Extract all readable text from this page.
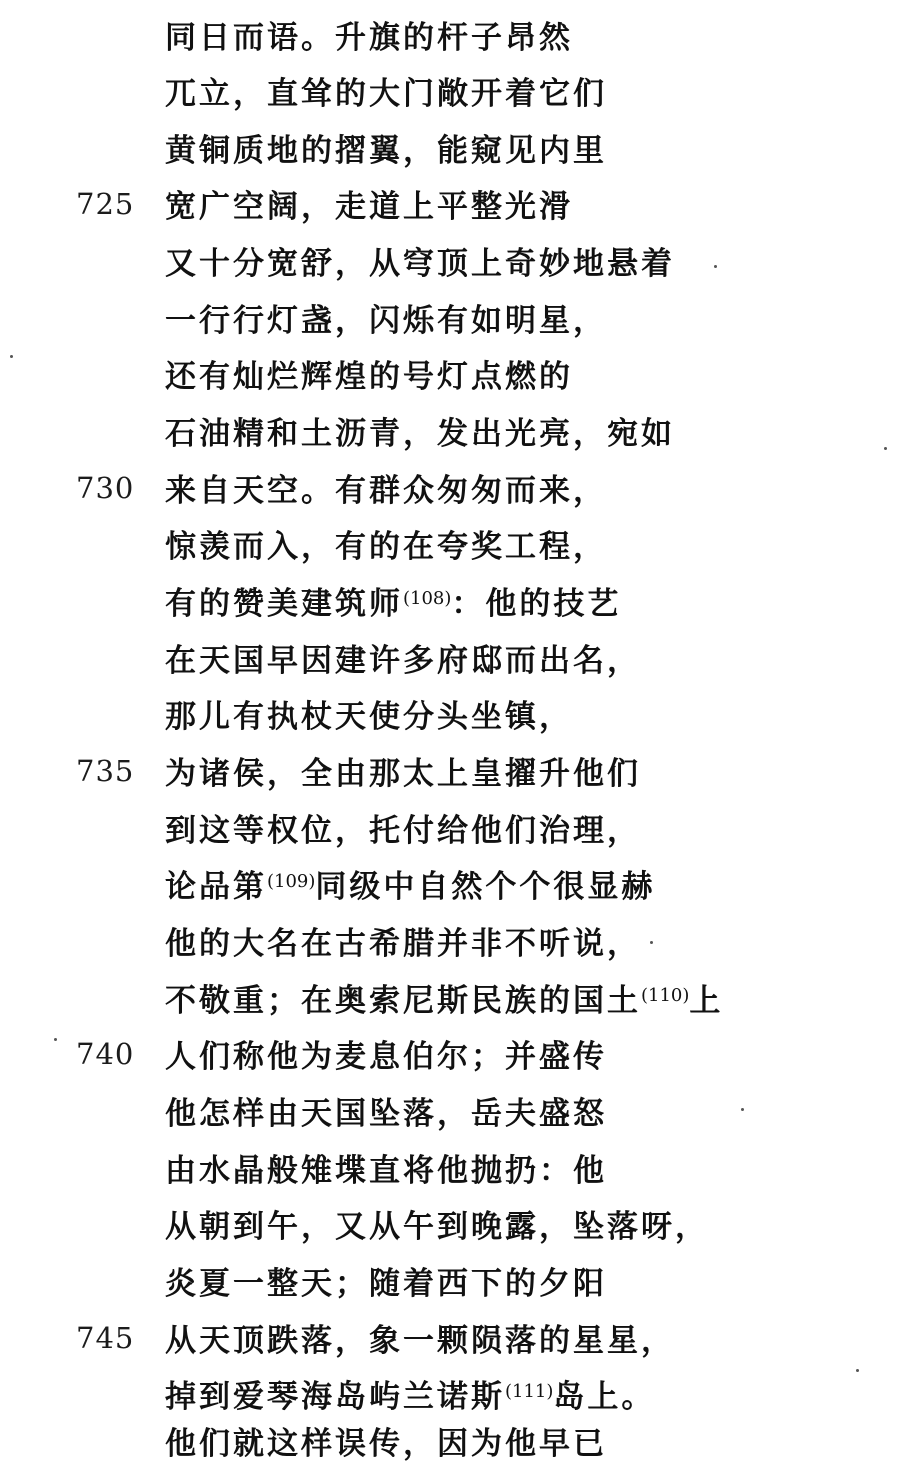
同日而语。升旗的杆子昂然
兀立，直耸的大门敞开着它们
黄铜质地的摺翼，能窥见内里
725 宽广空阔，走道上平整光滑
又十分宽舒，从穹顶上奇妙地悬着
一行行灯盏，闪烁有如明星，
还有灿烂辉煌的号灯点燃的
石油精和土沥青，发出光亮，宛如
730 来自天空。有群众匆匆而来，
惊羡而入，有的在夸奖工程，
有的赞美建筑师$^{(108)}$：他的技艺
在天国早因建许多府邸而出名，
那儿有执杖天使分头坐镇，
735 为诸侯，全由那太上皇擢升他们
到这等权位，托付给他们治理，
论品第$^{(109)}$同级中自然个个很显赫
他的大名在古希腊并非不听说，
不敬重；在奥索尼斯民族的国土$^{(110)}$上
740 人们称他为麦息伯尔；并盛传
他怎样由天国坠落，岳夫盛怒
由水晶般雉堞直将他抛扔：他
从朝到午，又从午到晚露，坠落呀，
炎夏一整天；随着西下的夕阳
745 从天顶跌落，象一颗陨落的星星，
掉到爱琴海岛屿兰诺斯$^{(111)}$岛上。
他们就这样误传，因为他早已
